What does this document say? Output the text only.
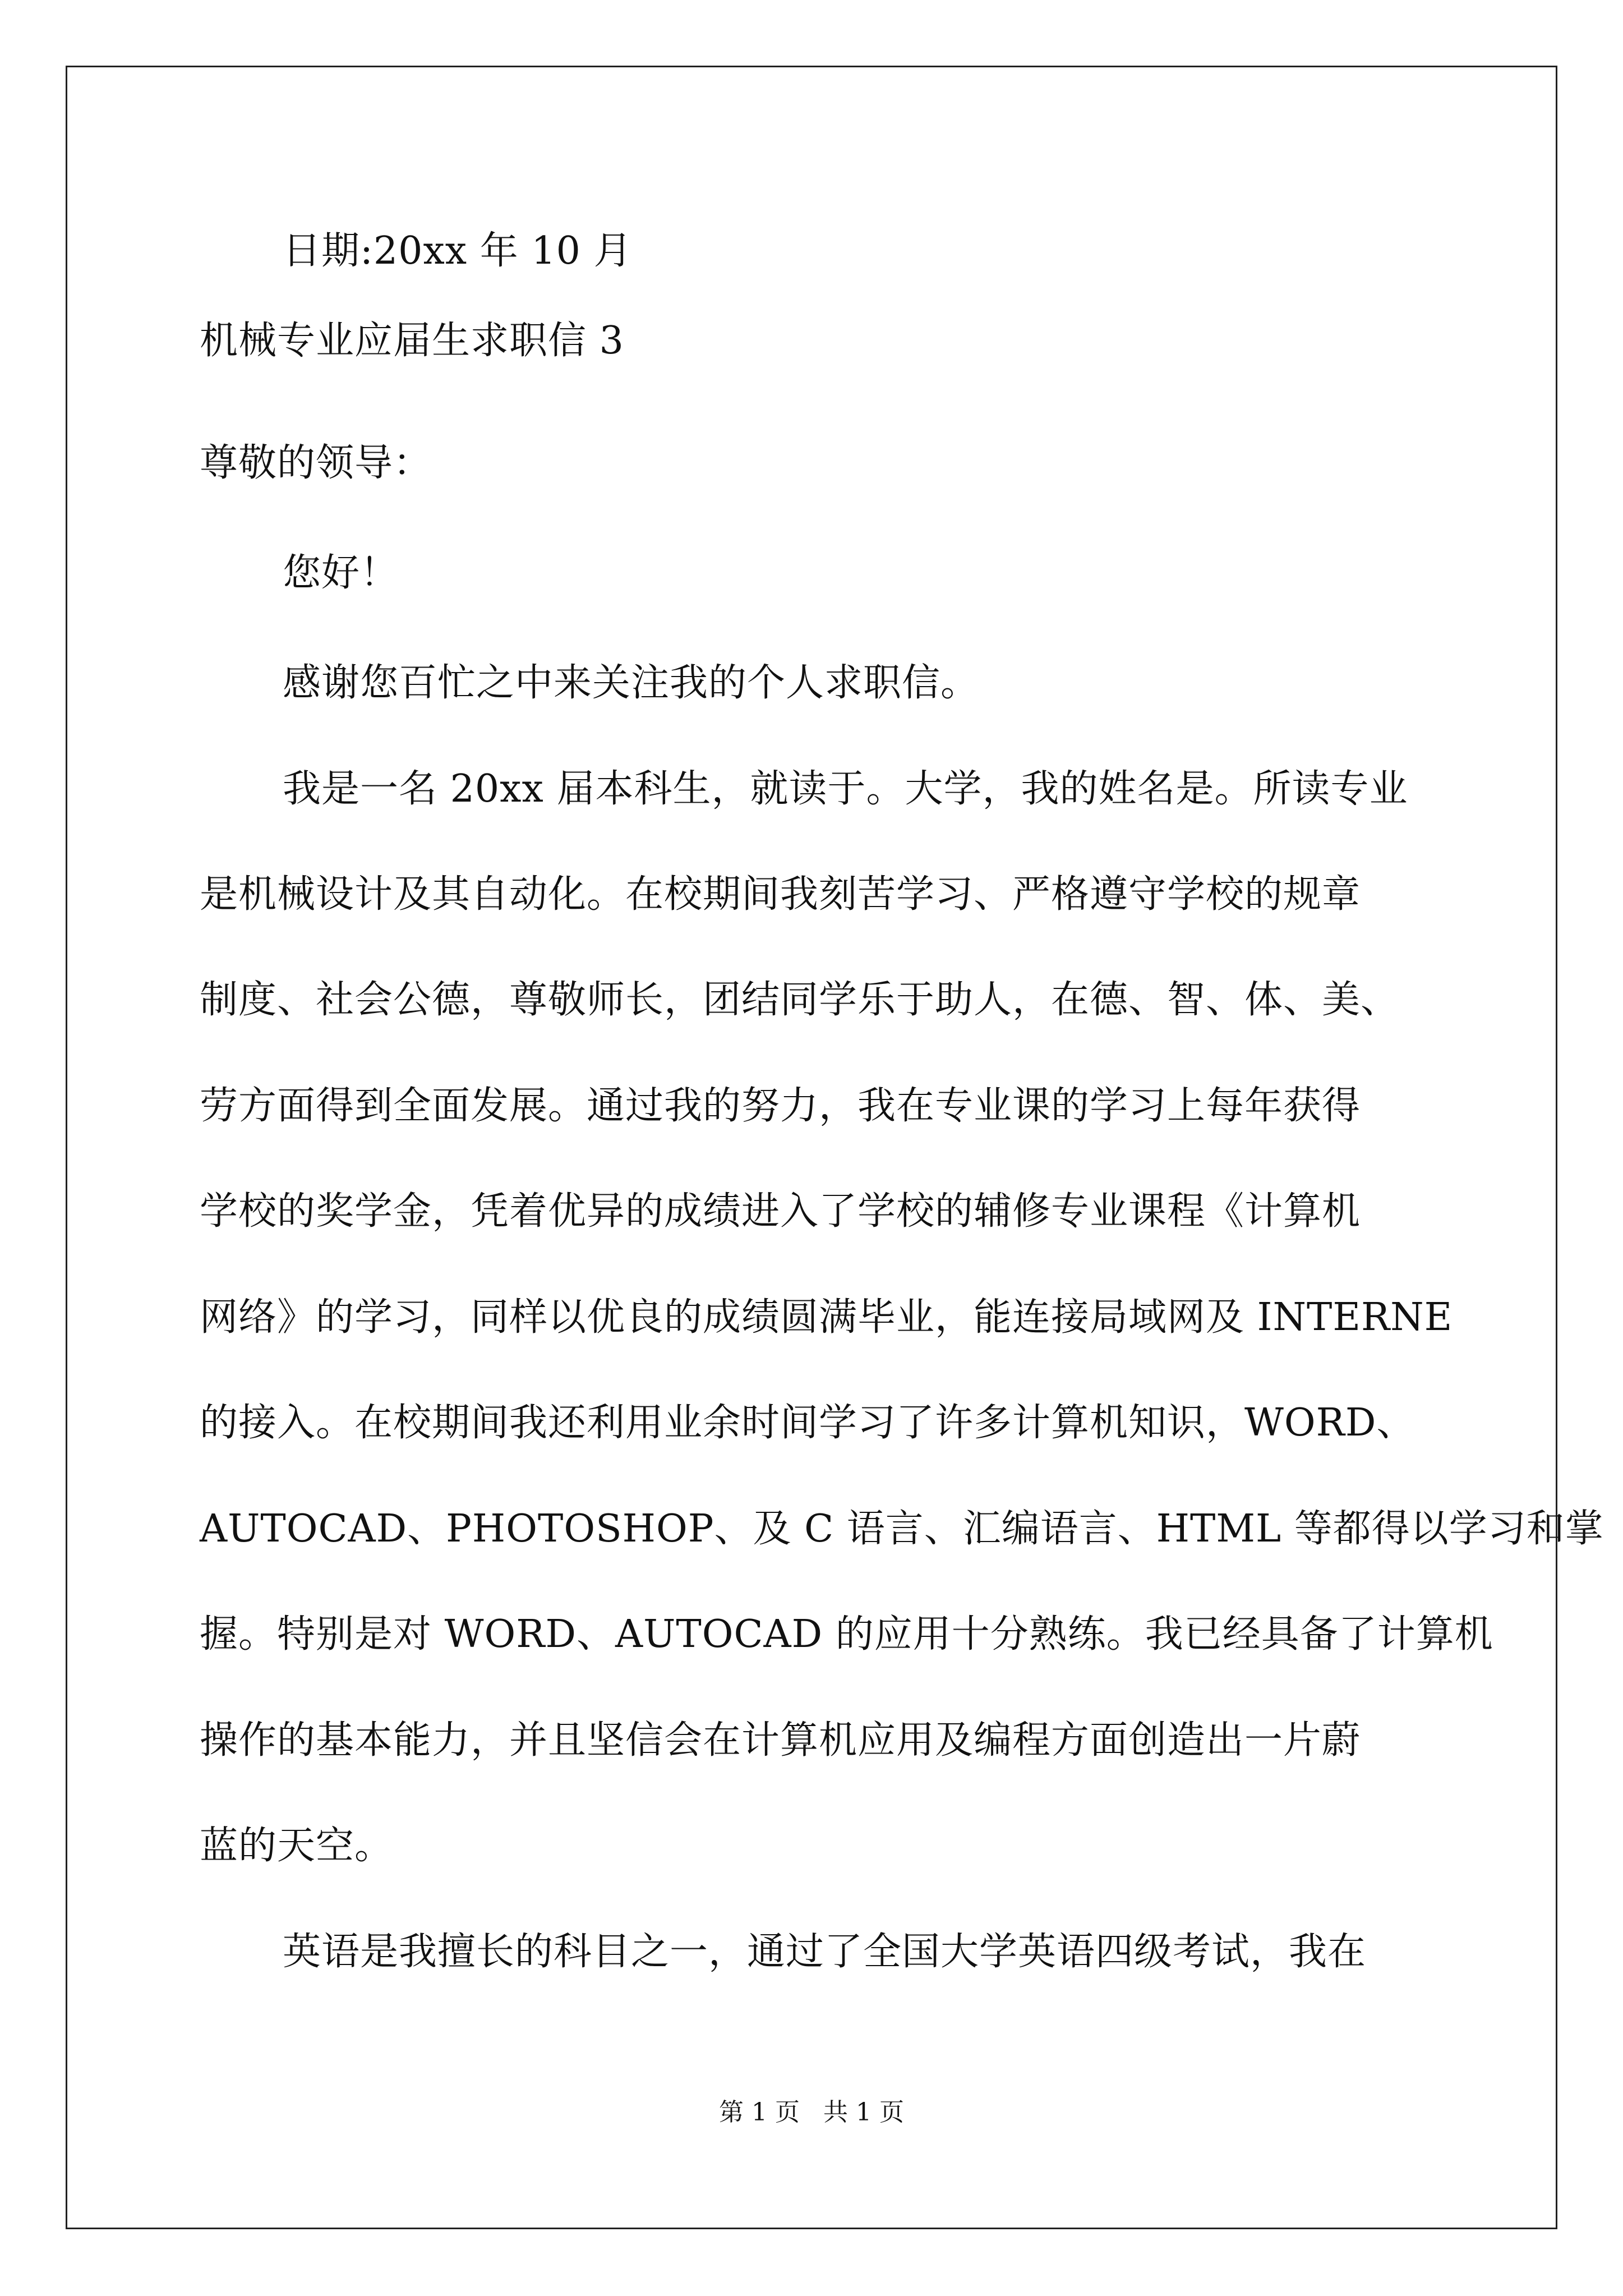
日期:20xx 年 10 月
机械专业应届生求职信 3
尊敬的领导：
您好！
感谢您百忙之中来关注我的个人求职信。
我是一名 20xx 届本科生，就读于。大学，我的姓名是。所读专业
是机械设计及其自动化。在校期间我刻苦学习、严格遵守学校的规章
制度、社会公德，尊敬师长，团结同学乐于助人，在德、智、体、美、
劳方面得到全面发展。通过我的努力，我在专业课的学习上每年获得
学校的奖学金，凭着优异的成绩进入了学校的辅修专业课程《计算机
网络》的学习，同样以优良的成绩圆满毕业，能连接局域网及 INTERNE
的接入。在校期间我还利用业余时间学习了许多计算机知识，WORD、
AUTOCAD、PHOTOSHOP、及 C 语言、汇编语言、HTML 等都得以学习和掌
握。特别是对 WORD、AUTOCAD 的应用十分熟练。我已经具备了计算机
操作的基本能力，并且坚信会在计算机应用及编程方面创造出一片蔚
蓝的天空。
英语是我擅长的科目之一，通过了全国大学英语四级考试，我在
第 1 页   共 1 页
